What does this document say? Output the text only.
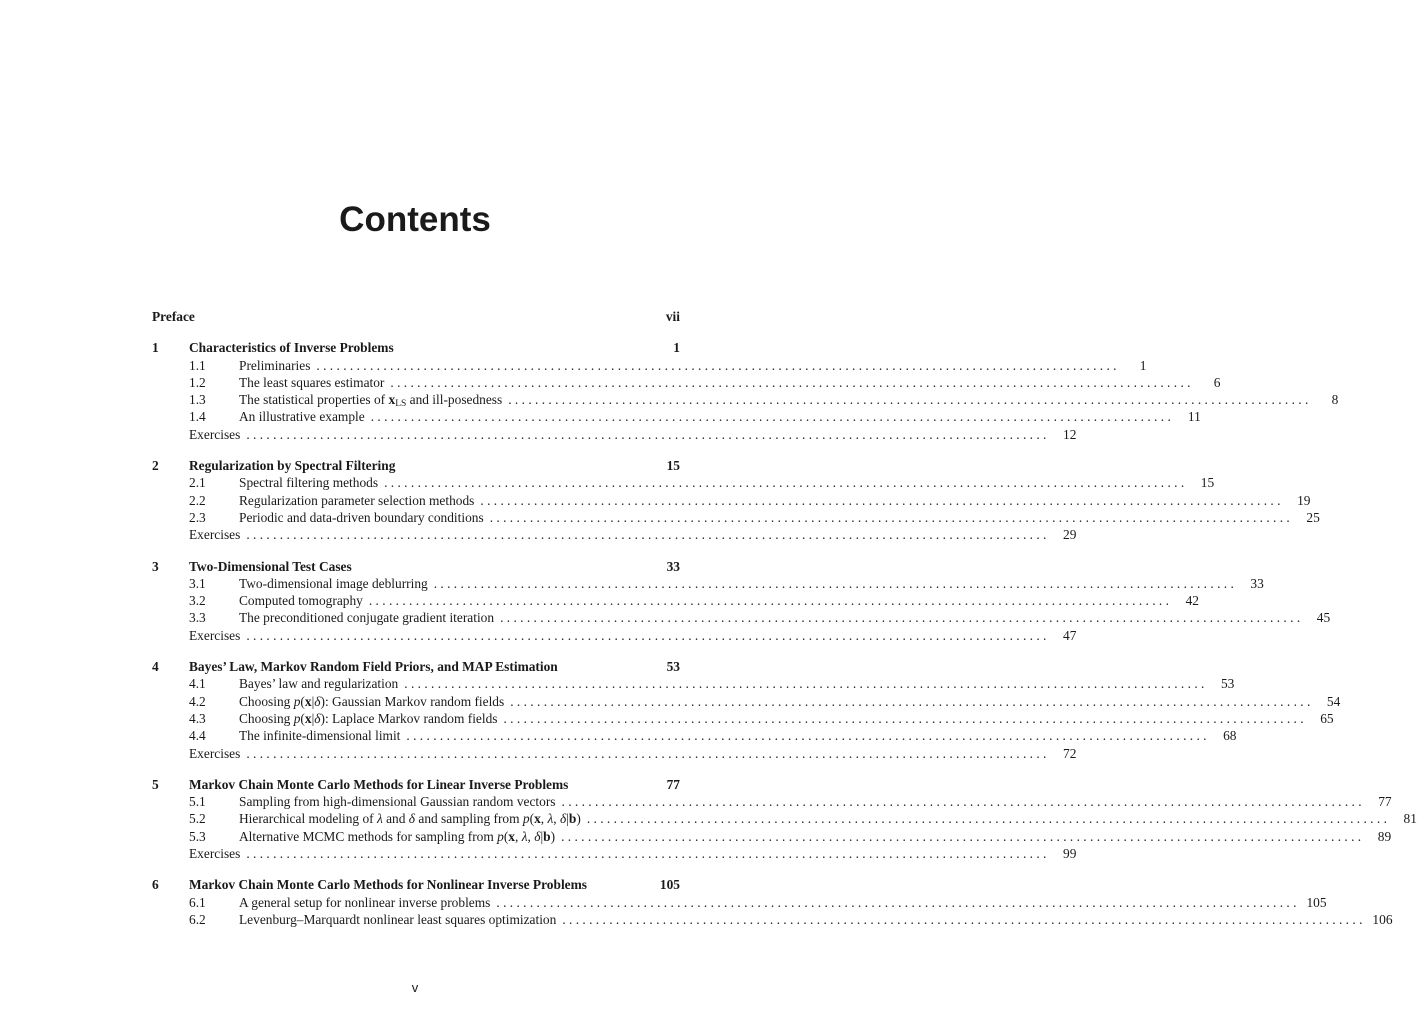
Contents
Preface	vii
1 Characteristics of Inverse Problems	1
1.1 Preliminaries . . . . . . . . . . . . . . . . . . . . . . . . . . . . . . . . . . . . . . . . . . . . . . . . . . . . . . . . . . . . . . . . . . . . . . . . . . . . . . . . . . . . . . . . . . . . . . . . . . . . . . . . . . . . . . . . . . . . . . . .	1
1.2 The least squares estimator . . . . . . . . . . . . . . . . . . . . . . . . . . . . . . . . . . . . . . . . . . . . . . . . . . . . . . . . . . . . . . . . . . . . . . . . . . . . . . . . . . . . . . . . . . . . . . . . . . . . . . . . . . . . . . . . . . . . . . . .	6
1.3 The statistical properties of $x_{LS}$ and ill-posedness . . . . . . . . . . . . . . . . . . . . . . . . . . . . . . . . . . . . . . . . . . . . . . . . . . . . . . . . . . . . . . . . . . . . . . . . . . . . . . . . . . . . . . . . . . . . . . . . . . . . . . . . . . . . . . . . . . . . . . . .	8
1.4 An illustrative example . . . . . . . . . . . . . . . . . . . . . . . . . . . . . . . . . . . . . . . . . . . . . . . . . . . . . . . . . . . . . . . . . . . . . . . . . . . . . . . . . . . . . . . . . . . . . . . . . . . . . . . . . . . . . . . . . . . . . . . .	11
Exercises . . . . . . . . . . . . . . . . . . . . . . . . . . . . . . . . . . . . . . . . . . . . . . . . . . . . . . . . . . . . . . . . . . . . . . . . . . . . . . . . . . . . . . . . . . . . . . . . . . . . . . . . . . . . . . . . . . . . . . . .	12
2 Regularization by Spectral Filtering	15
2.1 Spectral filtering methods . . . . . . . . . . . . . . . . . . . . . . . . . . . . . . . . . . . . . . . . . . . . . . . . . . . . . . . . . . . . . . . . . . . . . . . . . . . . . . . . . . . . . . . . . . . . . . . . . . . . . . . . . . . . . . . . . . . . . . . .	15
2.2 Regularization parameter selection methods . . . . . . . . . . . . . . . . . . . . . . . . . . . . . . . . . . . . . . . . . . . . . . . . . . . . . . . . . . . . . . . . . . . . . . . . . . . . . . . . . . . . . . . . . . . . . . . . . . . . . . . . . . . . . . . . . . . . . . . .	19
2.3 Periodic and data-driven boundary conditions . . . . . . . . . . . . . . . . . . . . . . . . . . . . . . . . . . . . . . . . . . . . . . . . . . . . . . . . . . . . . . . . . . . . . . . . . . . . . . . . . . . . . . . . . . . . . . . . . . . . . . . . . . . . . . . . . . . . . . . .	25
Exercises . . . . . . . . . . . . . . . . . . . . . . . . . . . . . . . . . . . . . . . . . . . . . . . . . . . . . . . . . . . . . . . . . . . . . . . . . . . . . . . . . . . . . . . . . . . . . . . . . . . . . . . . . . . . . . . . . . . . . . . .	29
3 Two-Dimensional Test Cases	33
3.1 Two-dimensional image deblurring . . . . . . . . . . . . . . . . . . . . . . . . . . . . . . . . . . . . . . . . . . . . . . . . . . . . . . . . . . . . . . . . . . . . . . . . . . . . . . . . . . . . . . . . . . . . . . . . . . . . . . . . . . . . . . . . . . . . . . . .	33
3.2 Computed tomography . . . . . . . . . . . . . . . . . . . . . . . . . . . . . . . . . . . . . . . . . . . . . . . . . . . . . . . . . . . . . . . . . . . . . . . . . . . . . . . . . . . . . . . . . . . . . . . . . . . . . . . . . . . . . . . . . . . . . . . .	42
3.3 The preconditioned conjugate gradient iteration . . . . . . . . . . . . . . . . . . . . . . . . . . . . . . . . . . . . . . . . . . . . . . . . . . . . . . . . . . . . . . . . . . . . . . . . . . . . . . . . . . . . . . . . . . . . . . . . . . . . . . . . . . . . . . . . . . . . . . . .	45
Exercises . . . . . . . . . . . . . . . . . . . . . . . . . . . . . . . . . . . . . . . . . . . . . . . . . . . . . . . . . . . . . . . . . . . . . . . . . . . . . . . . . . . . . . . . . . . . . . . . . . . . . . . . . . . . . . . . . . . . . . . .	47
4 Bayes’ Law, Markov Random Field Priors, and MAP Estimation	53
4.1 Bayes’ law and regularization . . . . . . . . . . . . . . . . . . . . . . . . . . . . . . . . . . . . . . . . . . . . . . . . . . . . . . . . . . . . . . . . . . . . . . . . . . . . . . . . . . . . . . . . . . . . . . . . . . . . . . . . . . . . . . . . . . . . . . . .	53
4.2 Choosing p(x|δ): Gaussian Markov random fields . . . . . . . . . . . . . . . . . . . . . . . . . . . . . . . . . . . . . . . . . . . . . . . . . . . . . . . . . . . . . . . . . . . . . . . . . . . . . . . . . . . . . . . . . . . . . . . . . . . . . . . . . . . . . . . . . . . . . . . .	54
4.3 Choosing p(x|δ): Laplace Markov random fields . . . . . . . . . . . . . . . . . . . . . . . . . . . . . . . . . . . . . . . . . . . . . . . . . . . . . . . . . . . . . . . . . . . . . . . . . . . . . . . . . . . . . . . . . . . . . . . . . . . . . . . . . . . . . . . . . . . . . . . .	65
4.4 The infinite-dimensional limit . . . . . . . . . . . . . . . . . . . . . . . . . . . . . . . . . . . . . . . . . . . . . . . . . . . . . . . . . . . . . . . . . . . . . . . . . . . . . . . . . . . . . . . . . . . . . . . . . . . . . . . . . . . . . . . . . . . . . . . .	68
Exercises . . . . . . . . . . . . . . . . . . . . . . . . . . . . . . . . . . . . . . . . . . . . . . . . . . . . . . . . . . . . . . . . . . . . . . . . . . . . . . . . . . . . . . . . . . . . . . . . . . . . . . . . . . . . . . . . . . . . . . . .	72
5 Markov Chain Monte Carlo Methods for Linear Inverse Problems	77
5.1 Sampling from high-dimensional Gaussian random vectors . . . . . . . . . . . . . . . . . . . . . . . . . . . . . . . . . . . . . . . . . . . . . . . . . . . . . . . . . . . . . . . . . . . . . . . . . . . . . . . . . . . . . . . . . . . . . . . . . . . . . . . . . . . . . . . . . . . . . . . .	77
5.2 Hierarchical modeling of λ and δ and sampling from p(x, λ, δ|b) . . . . . . . . . . . . . . . . . . . . . . . . . . . . . . . . . . . . . . . . . . . . . . . . . . . . . . . . . . . . . . . . . . . . . . . . . . . . . . . . . . . . . . . . . . . . . . . . . . . . . . . . . . . . . . . . . . . . . . . .	81
5.3 Alternative MCMC methods for sampling from p(x, λ, δ|b) . . . . . . . . . . . . . . . . . . . . . . . . . . . . . . . . . . . . . . . . . . . . . . . . . . . . . . . . . . . . . . . . . . . . . . . . . . . . . . . . . . . . . . . . . . . . . . . . . . . . . . . . . . . . . . . . . . . . . . . .	89
Exercises . . . . . . . . . . . . . . . . . . . . . . . . . . . . . . . . . . . . . . . . . . . . . . . . . . . . . . . . . . . . . . . . . . . . . . . . . . . . . . . . . . . . . . . . . . . . . . . . . . . . . . . . . . . . . . . . . . . . . . . .	99
6 Markov Chain Monte Carlo Methods for Nonlinear Inverse Problems	105
6.1 A general setup for nonlinear inverse problems . . . . . . . . . . . . . . . . . . . . . . . . . . . . . . . . . . . . . . . . . . . . . . . . . . . . . . . . . . . . . . . . . . . . . . . . . . . . . . . . . . . . . . . . . . . . . . . . . . . . . . . . . . . . . . . . . . . . . . . . 105
6.2 Levenburg–Marquardt nonlinear least squares optimization . . . . . . . . . . . . . . . . . . . . . . . . . . . . . . . . . . . . . . . . . . . . . . . . . . . . . . . . . . . . . . . . . . . . . . . . . . . . . . . . . . . . . . . . . . . . . . . . . . . . . . . . . . . . . . . . . . . . . . . . 106
v
